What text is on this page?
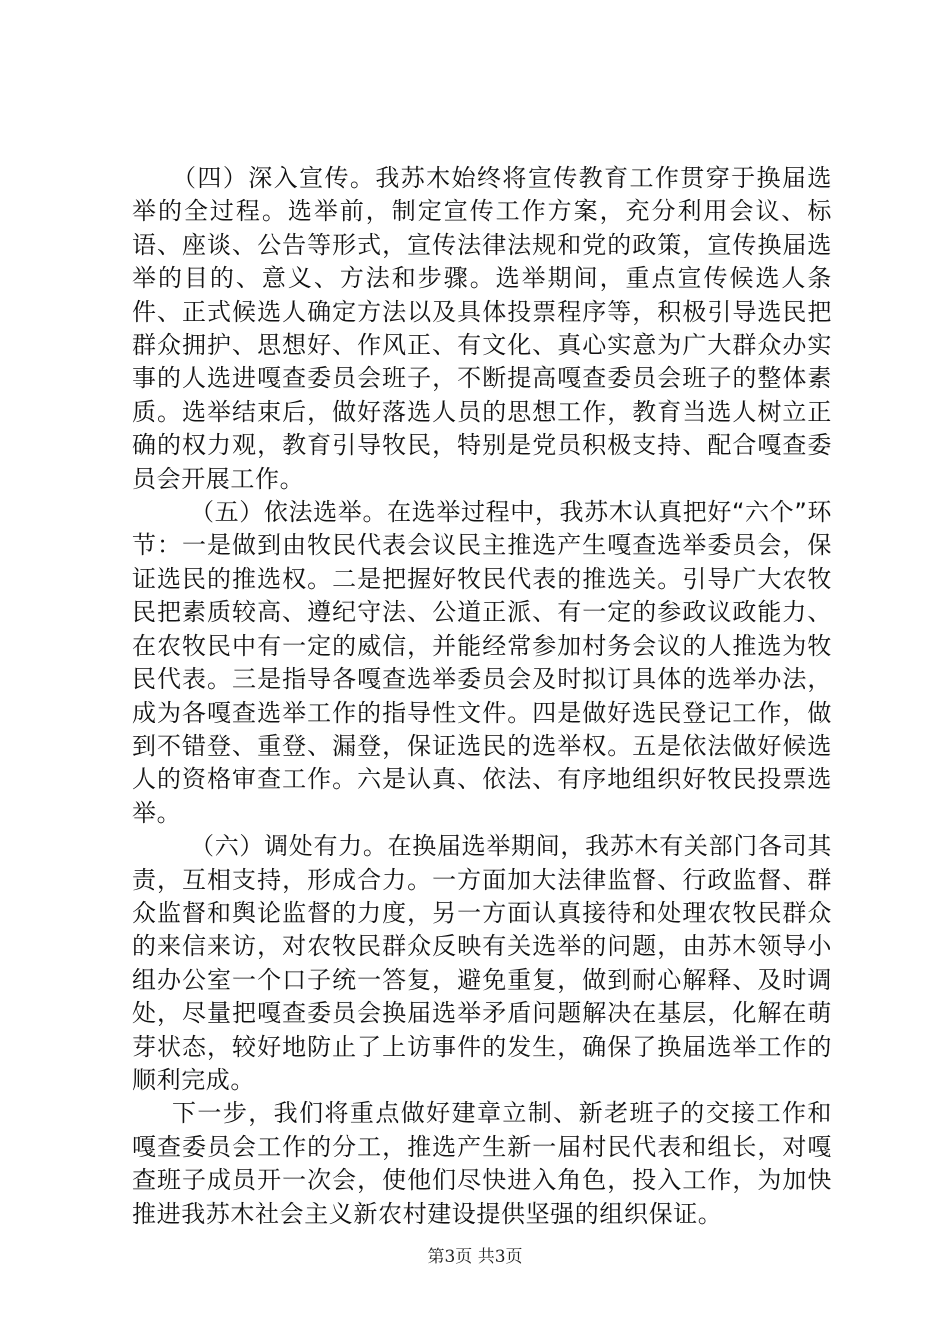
（四）深入宣传。我苏木始终将宣传教育工作贯穿于换届选举的全过程。选举前，制定宣传工作方案，充分利用会议、标语、座谈、公告等形式，宣传法律法规和党的政策，宣传换届选举的目的、意义、方法和步骤。选举期间，重点宣传候选人条件、正式候选人确定方法以及具体投票程序等，积极引导选民把群众拥护、思想好、作风正、有文化、真心实意为广大群众办实事的人选进嘎查委员会班子，不断提高嘎查委员会班子的整体素质。选举结束后，做好落选人员的思想工作，教育当选人树立正确的权力观，教育引导牧民，特别是党员积极支持、配合嘎查委员会开展工作。

（五）依法选举。在选举过程中，我苏木认真把好“六个”环节：一是做到由牧民代表会议民主推选产生嘎查选举委员会，保证选民的推选权。二是把握好牧民代表的推选关。引导广大农牧民把素质较高、遵纪守法、公道正派、有一定的参政议政能力、在农牧民中有一定的威信，并能经常参加村务会议的人推选为牧民代表。三是指导各嘎查选举委员会及时拟订具体的选举办法，成为各嘎查选举工作的指导性文件。四是做好选民登记工作，做到不错登、重登、漏登，保证选民的选举权。五是依法做好候选人的资格审查工作。六是认真、依法、有序地组织好牧民投票选举。

（六）调处有力。在换届选举期间，我苏木有关部门各司其责，互相支持，形成合力。一方面加大法律监督、行政监督、群众监督和舆论监督的力度，另一方面认真接待和处理农牧民群众的来信来访，对农牧民群众反映有关选举的问题，由苏木领导小组办公室一个口子统一答复，避免重复，做到耐心解释、及时调处，尽量把嘎查委员会换届选举矛盾问题解决在基层，化解在萌芽状态，较好地防止了上访事件的发生，确保了换届选举工作的顺利完成。

下一步，我们将重点做好建章立制、新老班子的交接工作和嘎查委员会工作的分工，推选产生新一届村民代表和组长，对嘎查班子成员开一次会，使他们尽快进入角色，投入工作，为加快推进我苏木社会主义新农村建设提供坚强的组织保证。

第3页 共3页
